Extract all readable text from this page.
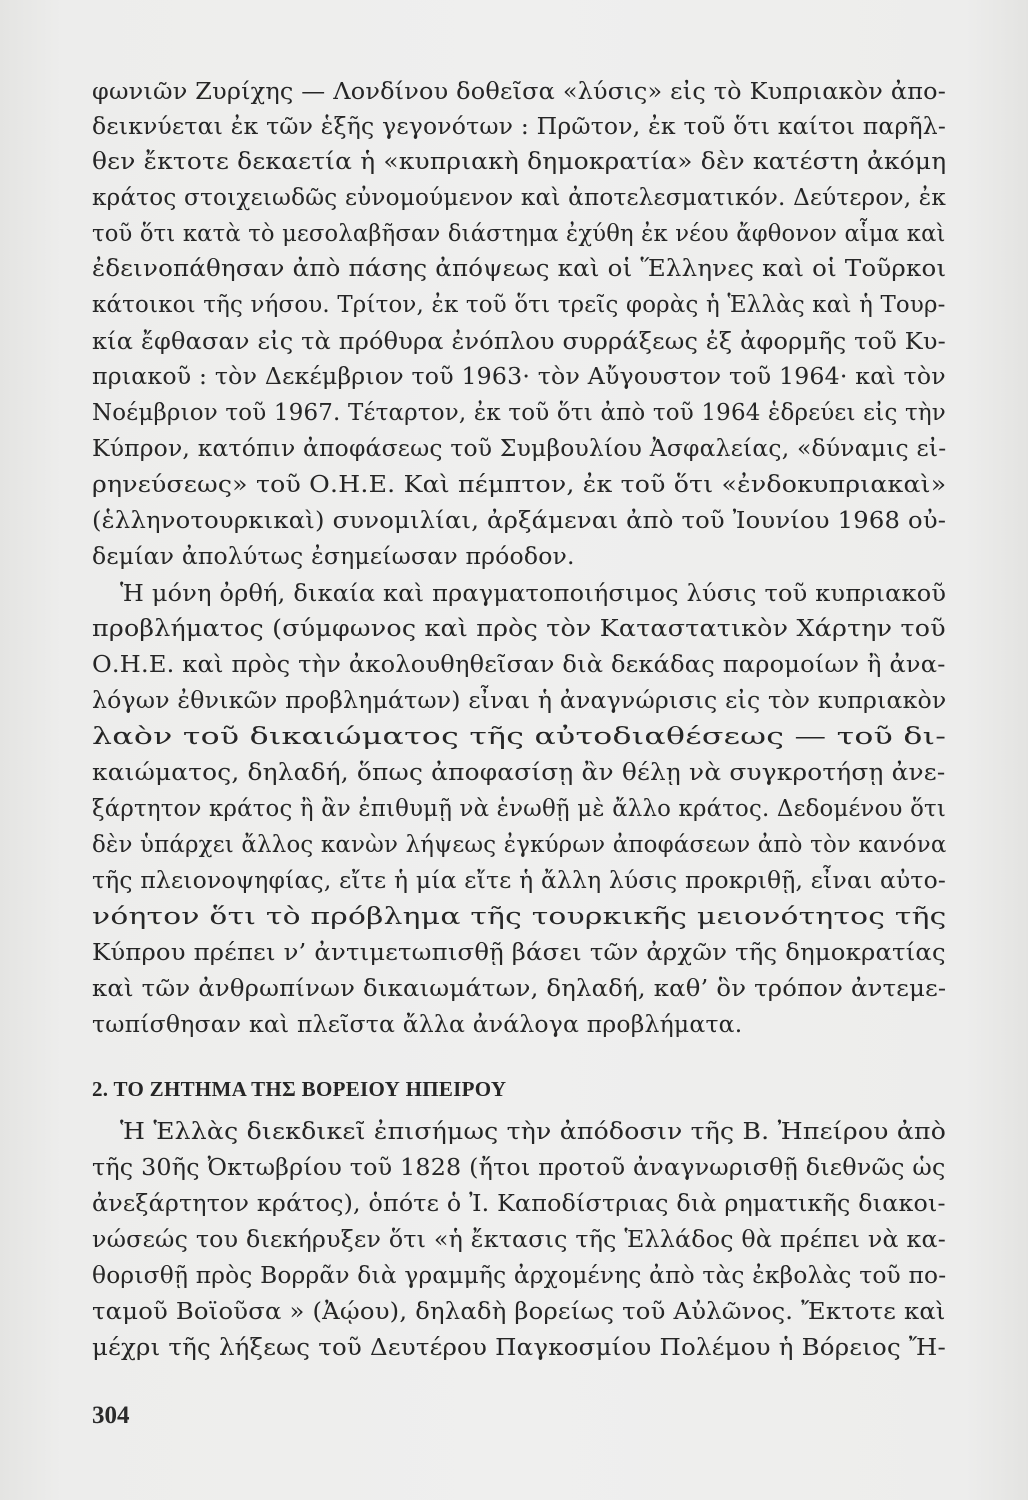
φωνιῶν Ζυρίχης — Λονδίνου δοθεῖσα «λύσις» εἰς τὸ Κυπριακὸν ἀπο-
δεικνύεται ἐκ τῶν ἑξῆς γεγονότων : Πρῶτον, ἐκ τοῦ ὅτι καίτοι παρῆλ-
θεν ἔκτοτε δεκαετία ἡ «κυπριακὴ δημοκρατία» δὲν κατέστη ἀκόμη
κράτος στοιχειωδῶς εὐνομούμενον καὶ ἀποτελεσματικόν. Δεύτερον, ἐκ
τοῦ ὅτι κατὰ τὸ μεσολαβῆσαν διάστημα ἐχύθη ἐκ νέου ἄφθονον αἷμα καὶ
ἐδεινοπάθησαν ἀπὸ πάσης ἀπόψεως καὶ οἱ Ἕλληνες καὶ οἱ Τοῦρκοι
κάτοικοι τῆς νήσου. Τρίτον, ἐκ τοῦ ὅτι τρεῖς φορὰς ἡ Ἑλλὰς καὶ ἡ Τουρ-
κία ἔφθασαν εἰς τὰ πρόθυρα ἐνόπλου συρράξεως ἐξ ἀφορμῆς τοῦ Κυ-
πριακοῦ : τὸν Δεκέμβριον τοῦ 1963· τὸν Αὔγουστον τοῦ 1964· καὶ τὸν
Νοέμβριον τοῦ 1967. Τέταρτον, ἐκ τοῦ ὅτι ἀπὸ τοῦ 1964 ἑδρεύει εἰς τὴν
Κύπρον, κατόπιν ἀποφάσεως τοῦ Συμβουλίου Ἀσφαλείας, «δύναμις εἰ-
ρηνεύσεως» τοῦ Ο.Η.Ε. Καὶ πέμπτον, ἐκ τοῦ ὅτι «ἐνδοκυπριακαὶ»
(ἑλληνοτουρκικαὶ) συνομιλίαι, ἀρξάμεναι ἀπὸ τοῦ Ἰουνίου 1968 οὐ-
δεμίαν ἀπολύτως ἐσημείωσαν πρόοδον.
Ἡ μόνη ὀρθή, δικαία καὶ πραγματοποιήσιμος λύσις τοῦ κυπριακοῦ
προβλήματος (σύμφωνος καὶ πρὸς τὸν Καταστατικὸν Χάρτην τοῦ
Ο.Η.Ε. καὶ πρὸς τὴν ἀκολουθηθεῖσαν διὰ δεκάδας παρομοίων ἢ ἀνα-
λόγων ἐθνικῶν προβλημάτων) εἶναι ἡ ἀναγνώρισις εἰς τὸν κυπριακὸν
λαὸν τοῦ δικαιώματος τῆς αὐτοδιαθέσεως — τοῦ δι-
καιώματος, δηλαδή, ὅπως ἀποφασίσῃ ἂν θέλῃ νὰ συγκροτήσῃ ἀνε-
ξάρτητον κράτος ἢ ἂν ἐπιθυμῇ νὰ ἑνωθῇ μὲ ἄλλο κράτος. Δεδομένου ὅτι
δὲν ὑπάρχει ἄλλος κανὼν λήψεως ἐγκύρων ἀποφάσεων ἀπὸ τὸν κανόνα
τῆς πλειονοψηφίας, εἴτε ἡ μία εἴτε ἡ ἄλλη λύσις προκριθῇ, εἶναι αὐτο-
νόητον ὅτι τὸ πρόβλημα τῆς τουρκικῆς μειονότητος τῆς
Κύπρου πρέπει ν’ ἀντιμετωπισθῇ βάσει τῶν ἀρχῶν τῆς δημοκρατίας
καὶ τῶν ἀνθρωπίνων δικαιωμάτων, δηλαδή, καθ’ ὃν τρόπον ἀντεμε-
τωπίσθησαν καὶ πλεῖστα ἄλλα ἀνάλογα προβλήματα.
2. ΤΟ ΖΗΤΗΜΑ ΤΗΣ ΒΟΡΕΙΟΥ ΗΠΕΙΡΟΥ
Ἡ Ἑλλὰς διεκδικεῖ ἐπισήμως τὴν ἀπόδοσιν τῆς Β. Ἠπείρου ἀπὸ
τῆς 30ῆς Ὀκτωβρίου τοῦ 1828 (ἤτοι προτοῦ ἀναγνωρισθῇ διεθνῶς ὡς
ἀνεξάρτητον κράτος), ὁπότε ὁ Ἰ. Καποδίστριας διὰ ρηματικῆς διακοι-
νώσεώς του διεκήρυξεν ὅτι «ἡ ἔκτασις τῆς Ἑλλάδος θὰ πρέπει νὰ κα-
θορισθῇ πρὸς Βορρᾶν διὰ γραμμῆς ἀρχομένης ἀπὸ τὰς ἐκβολὰς τοῦ πο-
ταμοῦ Βοϊοῦσα » (Ἀῴου), δηλαδὴ βορείως τοῦ Αὐλῶνος. Ἔκτοτε καὶ
μέχρι τῆς λήξεως τοῦ Δευτέρου Παγκοσμίου Πολέμου ἡ Βόρειος Ἤ-
304
